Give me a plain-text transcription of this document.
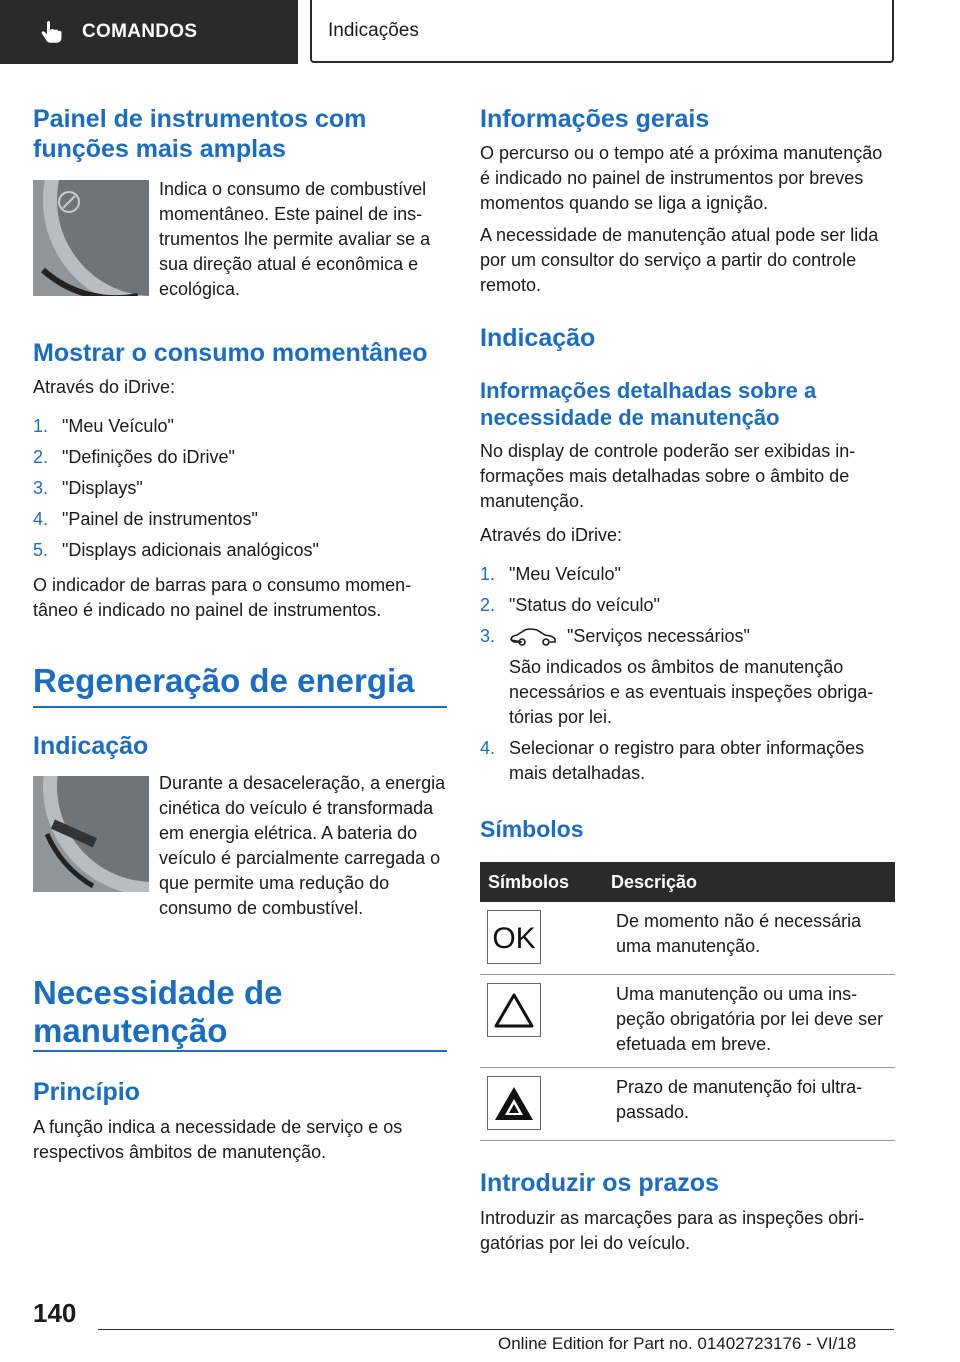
COMANDOS	Indicações
Painel de instrumentos com funções mais amplas

Indica o consumo de combustível momentâneo. Este painel de instrumentos lhe permite avaliar se a sua direção atual é econômica e ecológica.

Mostrar o consumo momentâneo

Através do iDrive:

1. "Meu Veículo"
2. "Definições do iDrive"
3. "Displays"
4. "Painel de instrumentos"
5. "Displays adicionais analógicos"

O indicador de barras para o consumo momentâneo é indicado no painel de instrumentos.

Regeneração de energia
Indicação

Durante a desaceleração, a energia cinética do veículo é transformada em energia elétrica. A bateria do veículo é parcialmente carregada o que permite uma redução do consumo de combustível.

Necessidade de manutenção
Princípio

A função indica a necessidade de serviço e os respectivos âmbitos de manutenção.

Informações gerais

O percurso ou o tempo até a próxima manutenção é indicado no painel de instrumentos por breves momentos quando se liga a ignição.

A necessidade de manutenção atual pode ser lida por um consultor do serviço a partir do controle remoto.

Indicação
Informações detalhadas sobre a necessidade de manutenção

No display de controle poderão ser exibidas informações mais detalhadas sobre o âmbito de manutenção.

Através do iDrive:

1. "Meu Veículo"
2. "Status do veículo"
3.	"Serviços necessários"
São indicados os âmbitos de manutenção necessários e as eventuais inspeções obrigatórias por lei.
4. Selecionar o registro para obter informações mais detalhadas.
Símbolos
Símbolos	Descrição

OK	De momento não é necessária uma manutenção.

	Uma manutenção ou uma inspeção obrigatória por lei deve ser efetuada em breve.

	Prazo de manutenção foi ultrapassado.
Introduzir os prazos

Introduzir as marcações para as inspeções obrigatórias por lei do veículo.

140
Online Edition for Part no. 01402723176 - VI/18
